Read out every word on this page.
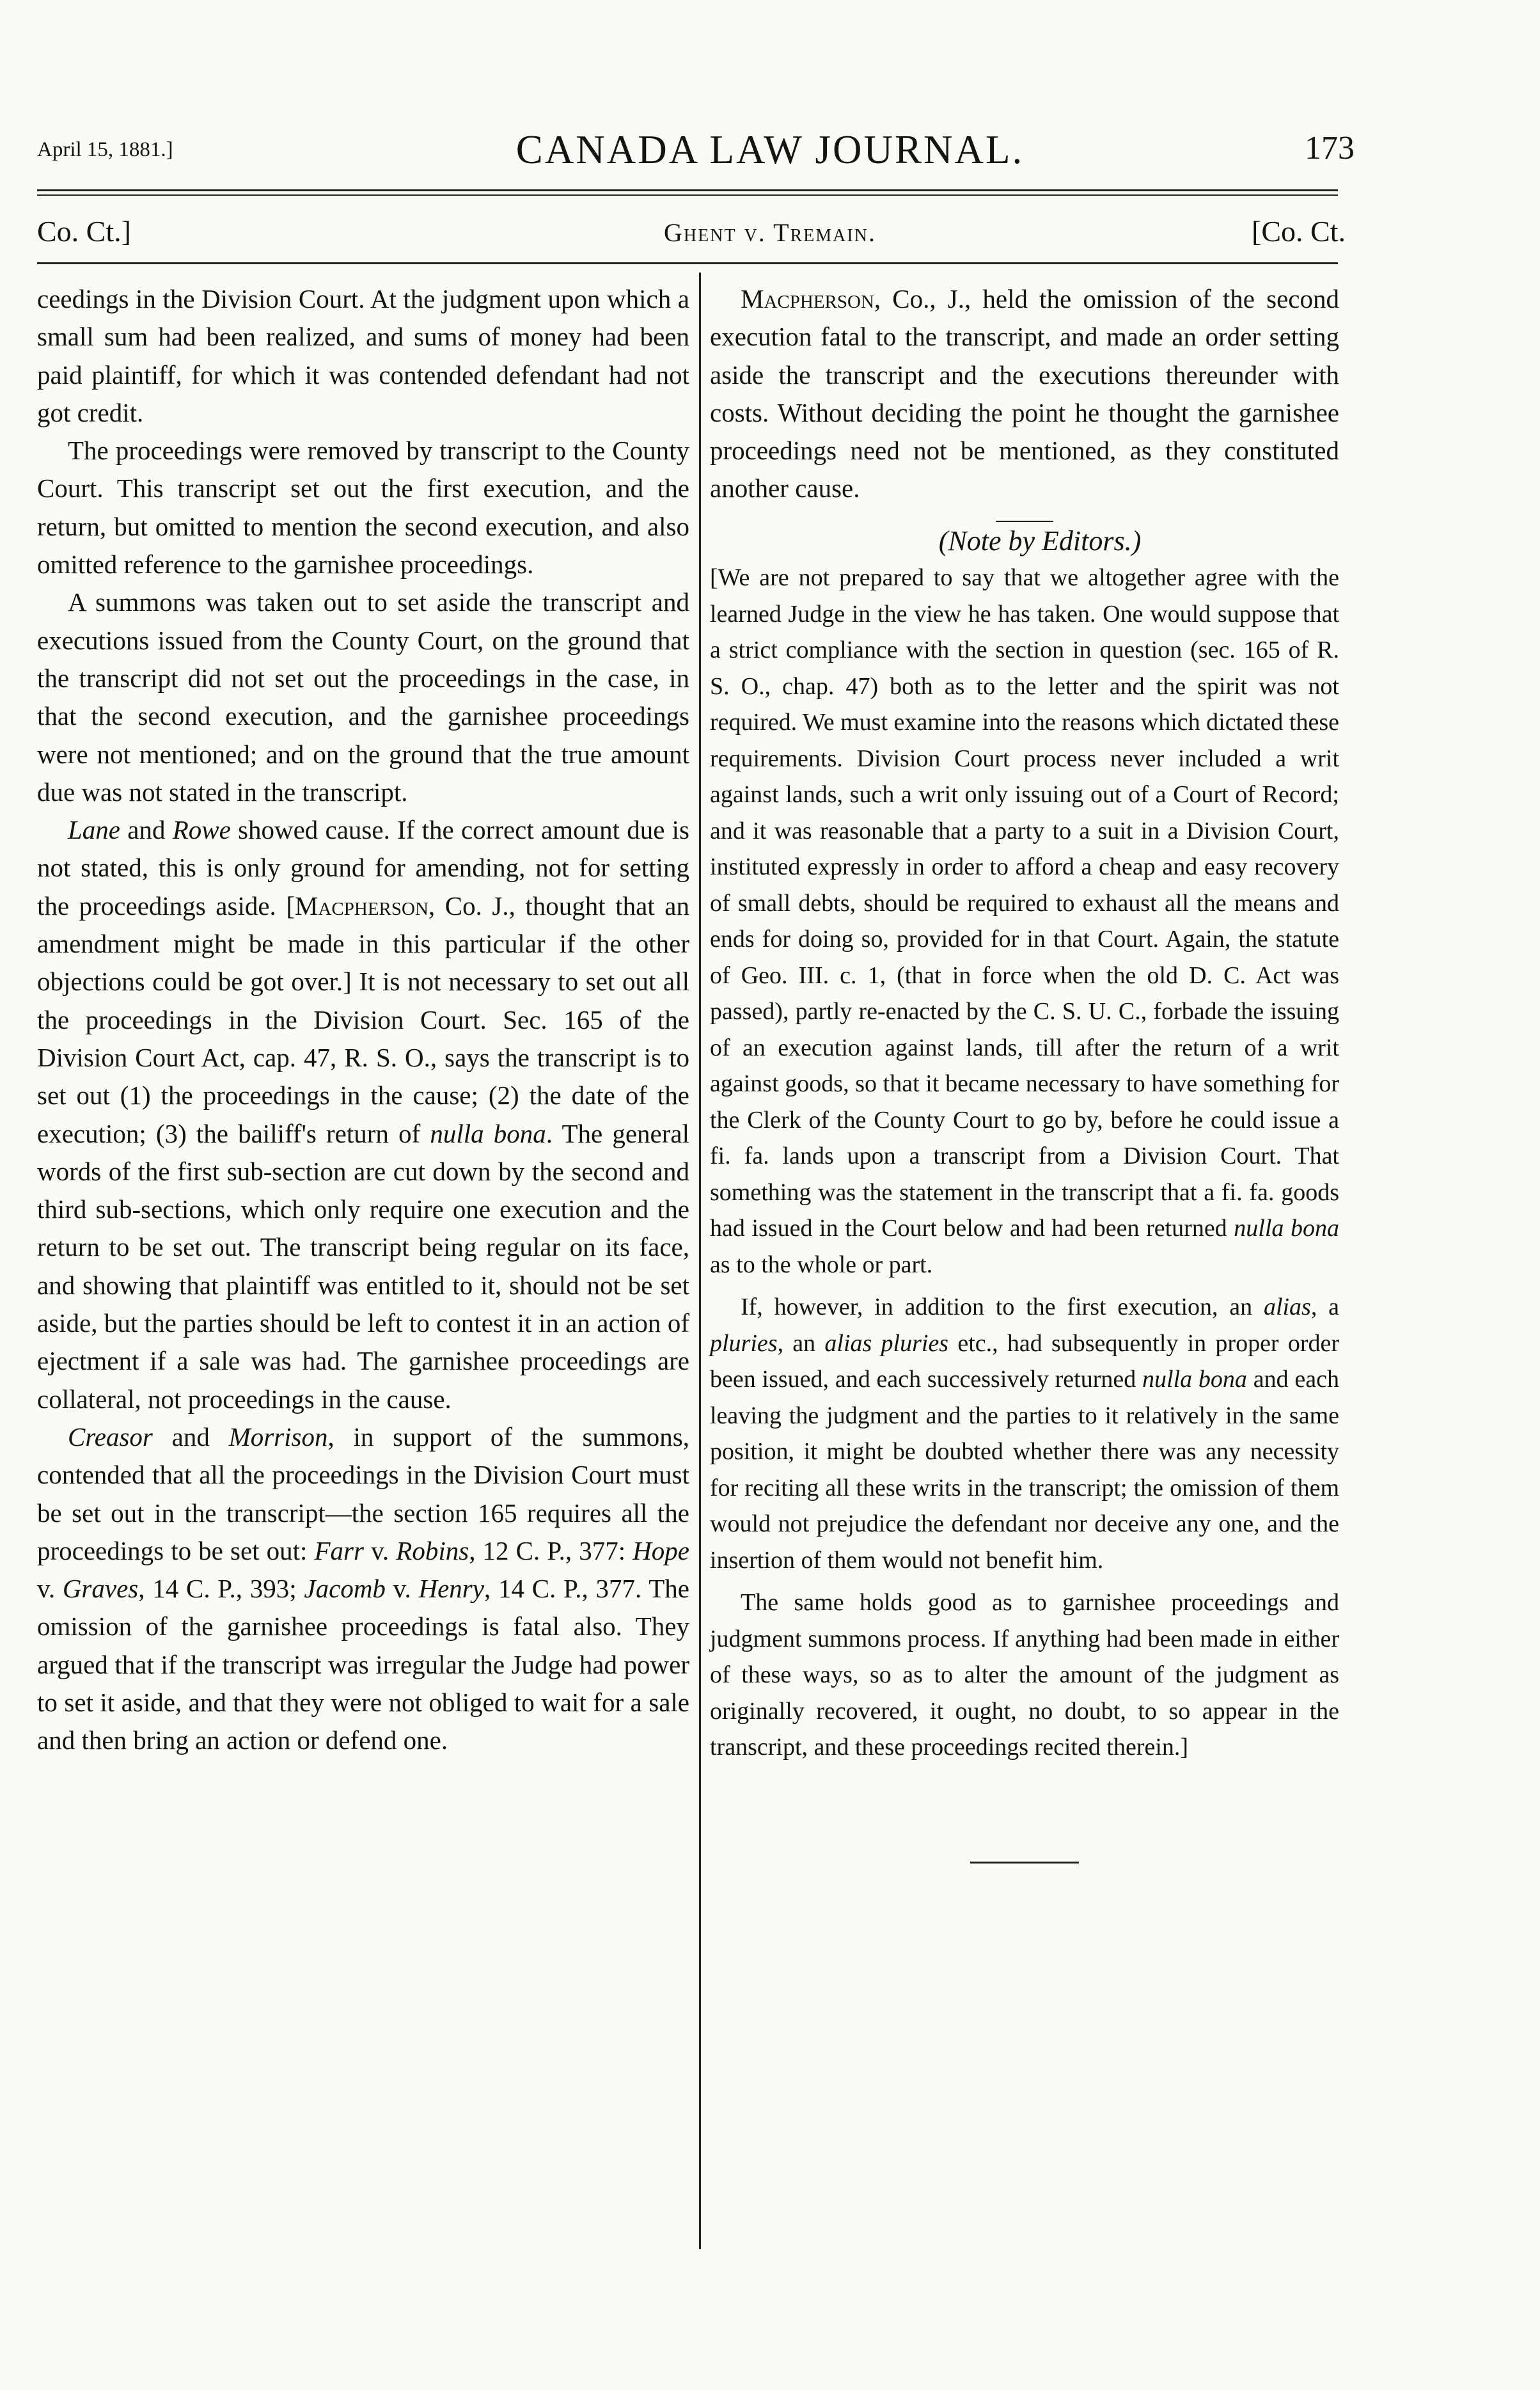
April 15, 1881.]	CANADA LAW JOURNAL.	173
Co. Ct.]	Ghent v. Tremain.	[Co. Ct.

ceedings in the Division Court. At the judgment upon which a small sum had been realized, and sums of money had been paid plaintiff, for which it was contended defendant had not got credit.

The proceedings were removed by transcript to the County Court. This transcript set out the first execution, and the return, but omitted to mention the second execution, and also omitted reference to the garnishee proceedings.

A summons was taken out to set aside the transcript and executions issued from the County Court, on the ground that the transcript did not set out the proceedings in the case, in that the second execution, and the garnishee proceedings were not mentioned; and on the ground that the true amount due was not stated in the transcript.

Lane and Rowe showed cause. If the correct amount due is not stated, this is only ground for amending, not for setting the proceedings aside. [Macpherson, Co. J., thought that an amendment might be made in this particular if the other objections could be got over.] It is not necessary to set out all the proceedings in the Division Court. Sec. 165 of the Division Court Act, cap. 47, R. S. O., says the transcript is to set out (1) the proceedings in the cause; (2) the date of the execution; (3) the bailiff's return of nulla bona. The general words of the first sub-section are cut down by the second and third sub-sections, which only require one execution and the return to be set out. The transcript being regular on its face, and showing that plaintiff was entitled to it, should not be set aside, but the parties should be left to contest it in an action of ejectment if a sale was had. The garnishee proceedings are collateral, not proceedings in the cause.

Creasor and Morrison, in support of the summons, contended that all the proceedings in the Division Court must be set out in the transcript—the section 165 requires all the proceedings to be set out: Farr v. Robins, 12 C. P., 377: Hope v. Graves, 14 C. P., 393; Jacomb v. Henry, 14 C. P., 377. The omission of the garnishee proceedings is fatal also. They argued that if the transcript was irregular the Judge had power to set it aside, and that they were not obliged to wait for a sale and then bring an action or defend one.

Macpherson, Co., J., held the omission of the second execution fatal to the transcript, and made an order setting aside the transcript and the executions thereunder with costs. Without deciding the point he thought the garnishee proceedings need not be mentioned, as they constituted another cause.

(Note by Editors.)

[We are not prepared to say that we altogether agree with the learned Judge in the view he has taken. One would suppose that a strict compliance with the section in question (sec. 165 of R. S. O., chap. 47) both as to the letter and the spirit was not required. We must examine into the reasons which dictated these requirements. Division Court process never included a writ against lands, such a writ only issuing out of a Court of Record; and it was reasonable that a party to a suit in a Division Court, instituted expressly in order to afford a cheap and easy recovery of small debts, should be required to exhaust all the means and ends for doing so, provided for in that Court. Again, the statute of Geo. III. c. 1, (that in force when the old D. C. Act was passed), partly re-enacted by the C. S. U. C., forbade the issuing of an execution against lands, till after the return of a writ against goods, so that it became necessary to have something for the Clerk of the County Court to go by, before he could issue a fi. fa. lands upon a transcript from a Division Court. That something was the statement in the transcript that a fi. fa. goods had issued in the Court below and had been returned nulla bona as to the whole or part.

If, however, in addition to the first execution, an alias, a pluries, an alias pluries etc., had subsequently in proper order been issued, and each successively returned nulla bona and each leaving the judgment and the parties to it relatively in the same position, it might be doubted whether there was any necessity for reciting all these writs in the transcript; the omission of them would not prejudice the defendant nor deceive any one, and the insertion of them would not benefit him.

The same holds good as to garnishee proceedings and judgment summons process. If anything had been made in either of these ways, so as to alter the amount of the judgment as originally recovered, it ought, no doubt, to so appear in the transcript, and these proceedings recited therein.]
